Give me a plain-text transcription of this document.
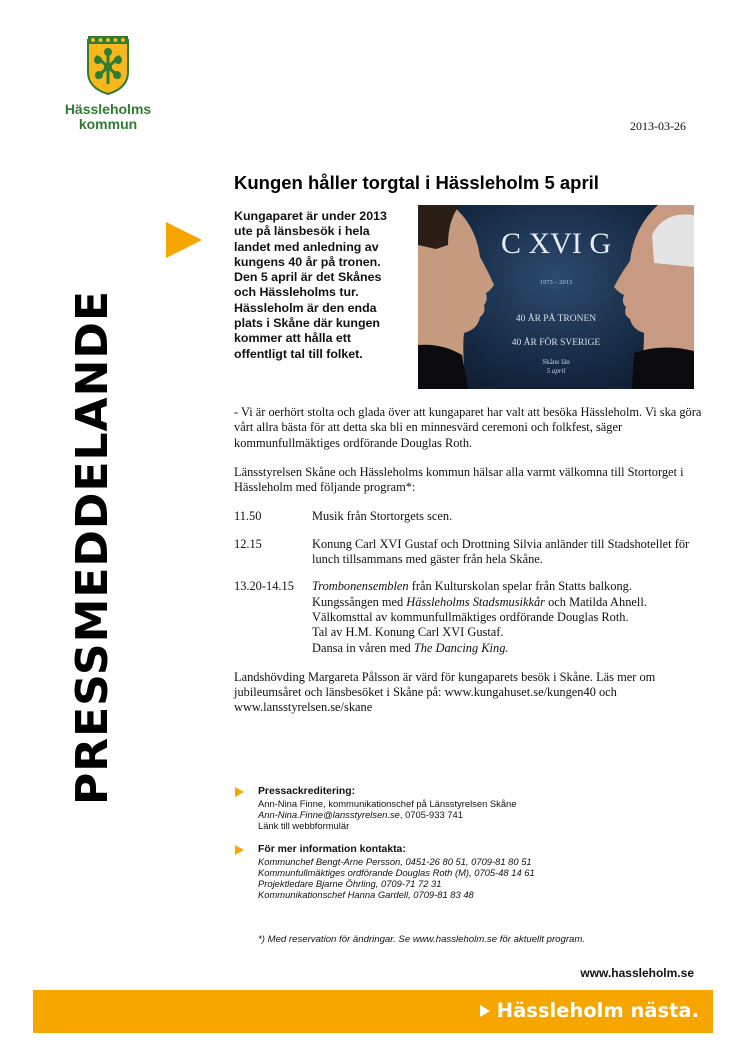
Hässleholms
kommun	2013-03-26
PRESSMEDDELANDE
Kungen håller torgtal i Hässleholm 5 april
Kungaparet är under 2013
ute på länsbesök i hela
landet med anledning av
kungens 40 år på tronen.
Den 5 april är det Skånes
och Hässleholms tur.
Hässleholm är den enda
plats i Skåne där kungen
kommer att hålla ett
offentligt tal till folket.
C XVI G
1973 – 2013
40 ÅR PÅ TRONEN
40 ÅR FÖR SVERIGE
Skåne län
5 april

- Vi är oerhört stolta och glada över att kungaparet har valt att besöka Hässleholm. Vi ska göra vårt allra bästa för att detta ska bli en minnesvärd ceremoni och folkfest, säger kommunfullmäktiges ordförande Douglas Roth.

Länsstyrelsen Skåne och Hässleholms kommun hälsar alla varmt välkomna till Stortorget i Hässleholm med följande program*:

11.50	Musik från Stortorgets scen.
12.15	Konung Carl XVI Gustaf och Drottning Silvia anländer till Stadshotellet för lunch tillsammans med gäster från hela Skåne.
13.20-14.15	Trombonensemblen från Kulturskolan spelar från Statts balkong.
Kungssången med Hässleholms Stadsmusikkår och Matilda Ahnell.
Välkomsttal av kommunfullmäktiges ordförande Douglas Roth.
Tal av H.M. Konung Carl XVI Gustaf.
Dansa in våren med The Dancing King.

Landshövding Margareta Pålsson är värd för kungaparets besök i Skåne. Läs mer om jubileumsåret och länsbesöket i Skåne på: www.kungahuset.se/kungen40 och www.lansstyrelsen.se/skane

Pressackreditering:
Ann-Nina Finne, kommunikationschef på Länsstyrelsen Skåne
Ann-Nina.Finne@lansstyrelsen.se, 0705-933 741
Länk till webbformulär
För mer information kontakta:
Kommunchef Bengt-Arne Persson, 0451-26 80 51, 0709-81 80 51
Kommunfullmäktiges ordförande Douglas Roth (M), 0705-48 14 61
Projektledare Bjarne Öhrling, 0709-71 72 31
Kommunikationschef Hanna Gardell, 0709-81 83 48
*) Med reservation för ändringar. Se www.hassleholm.se för aktuellt program.
www.hassleholm.se
Hässleholm nästa.
